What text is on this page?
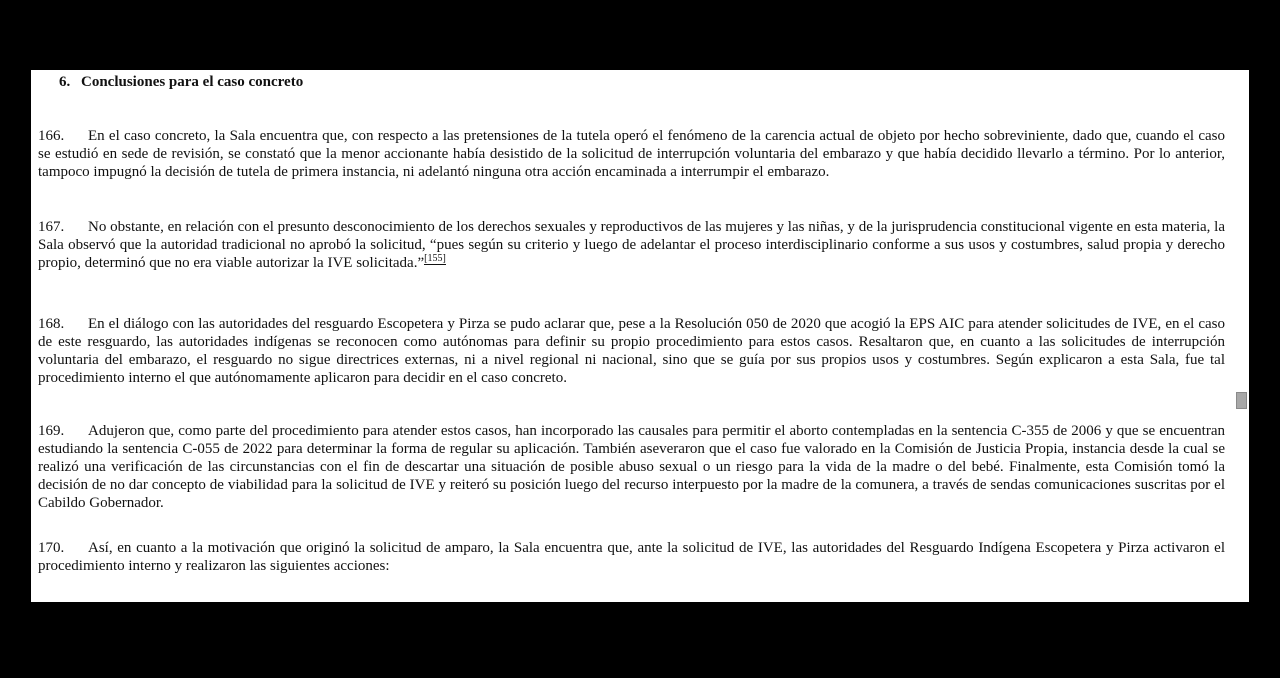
6. Conclusiones para el caso concreto

166. En el caso concreto, la Sala encuentra que, con respecto a las pretensiones de la tutela operó el fenómeno de la carencia actual de objeto por hecho sobreviniente, dado que, cuando el caso se estudió en sede de revisión, se constató que la menor accionante había desistido de la solicitud de interrupción voluntaria del embarazo y que había decidido llevarlo a término. Por lo anterior, tampoco impugnó la decisión de tutela de primera instancia, ni adelantó ninguna otra acción encaminada a interrumpir el embarazo.

167. No obstante, en relación con el presunto desconocimiento de los derechos sexuales y reproductivos de las mujeres y las niñas, y de la jurisprudencia constitucional vigente en esta materia, la Sala observó que la autoridad tradicional no aprobó la solicitud, “pues según su criterio y luego de adelantar el proceso interdisciplinario conforme a sus usos y costumbres, salud propia y derecho propio, determinó que no era viable autorizar la IVE solicitada.”[155]

168. En el diálogo con las autoridades del resguardo Escopetera y Pirza se pudo aclarar que, pese a la Resolución 050 de 2020 que acogió la EPS AIC para atender solicitudes de IVE, en el caso de este resguardo, las autoridades indígenas se reconocen como autónomas para definir su propio procedimiento para estos casos. Resaltaron que, en cuanto a las solicitudes de interrupción voluntaria del embarazo, el resguardo no sigue directrices externas, ni a nivel regional ni nacional, sino que se guía por sus propios usos y costumbres. Según explicaron a esta Sala, fue tal procedimiento interno el que autónomamente aplicaron para decidir en el caso concreto.

169. Adujeron que, como parte del procedimiento para atender estos casos, han incorporado las causales para permitir el aborto contempladas en la sentencia C-355 de 2006 y que se encuentran estudiando la sentencia C-055 de 2022 para determinar la forma de regular su aplicación. También aseveraron que el caso fue valorado en la Comisión de Justicia Propia, instancia desde la cual se realizó una verificación de las circunstancias con el fin de descartar una situación de posible abuso sexual o un riesgo para la vida de la madre o del bebé. Finalmente, esta Comisión tomó la decisión de no dar concepto de viabilidad para la solicitud de IVE y reiteró su posición luego del recurso interpuesto por la madre de la comunera, a través de sendas comunicaciones suscritas por el Cabildo Gobernador.

170. Así, en cuanto a la motivación que originó la solicitud de amparo, la Sala encuentra que, ante la solicitud de IVE, las autoridades del Resguardo Indígena Escopetera y Pirza activaron el procedimiento interno y realizaron las siguientes acciones:
